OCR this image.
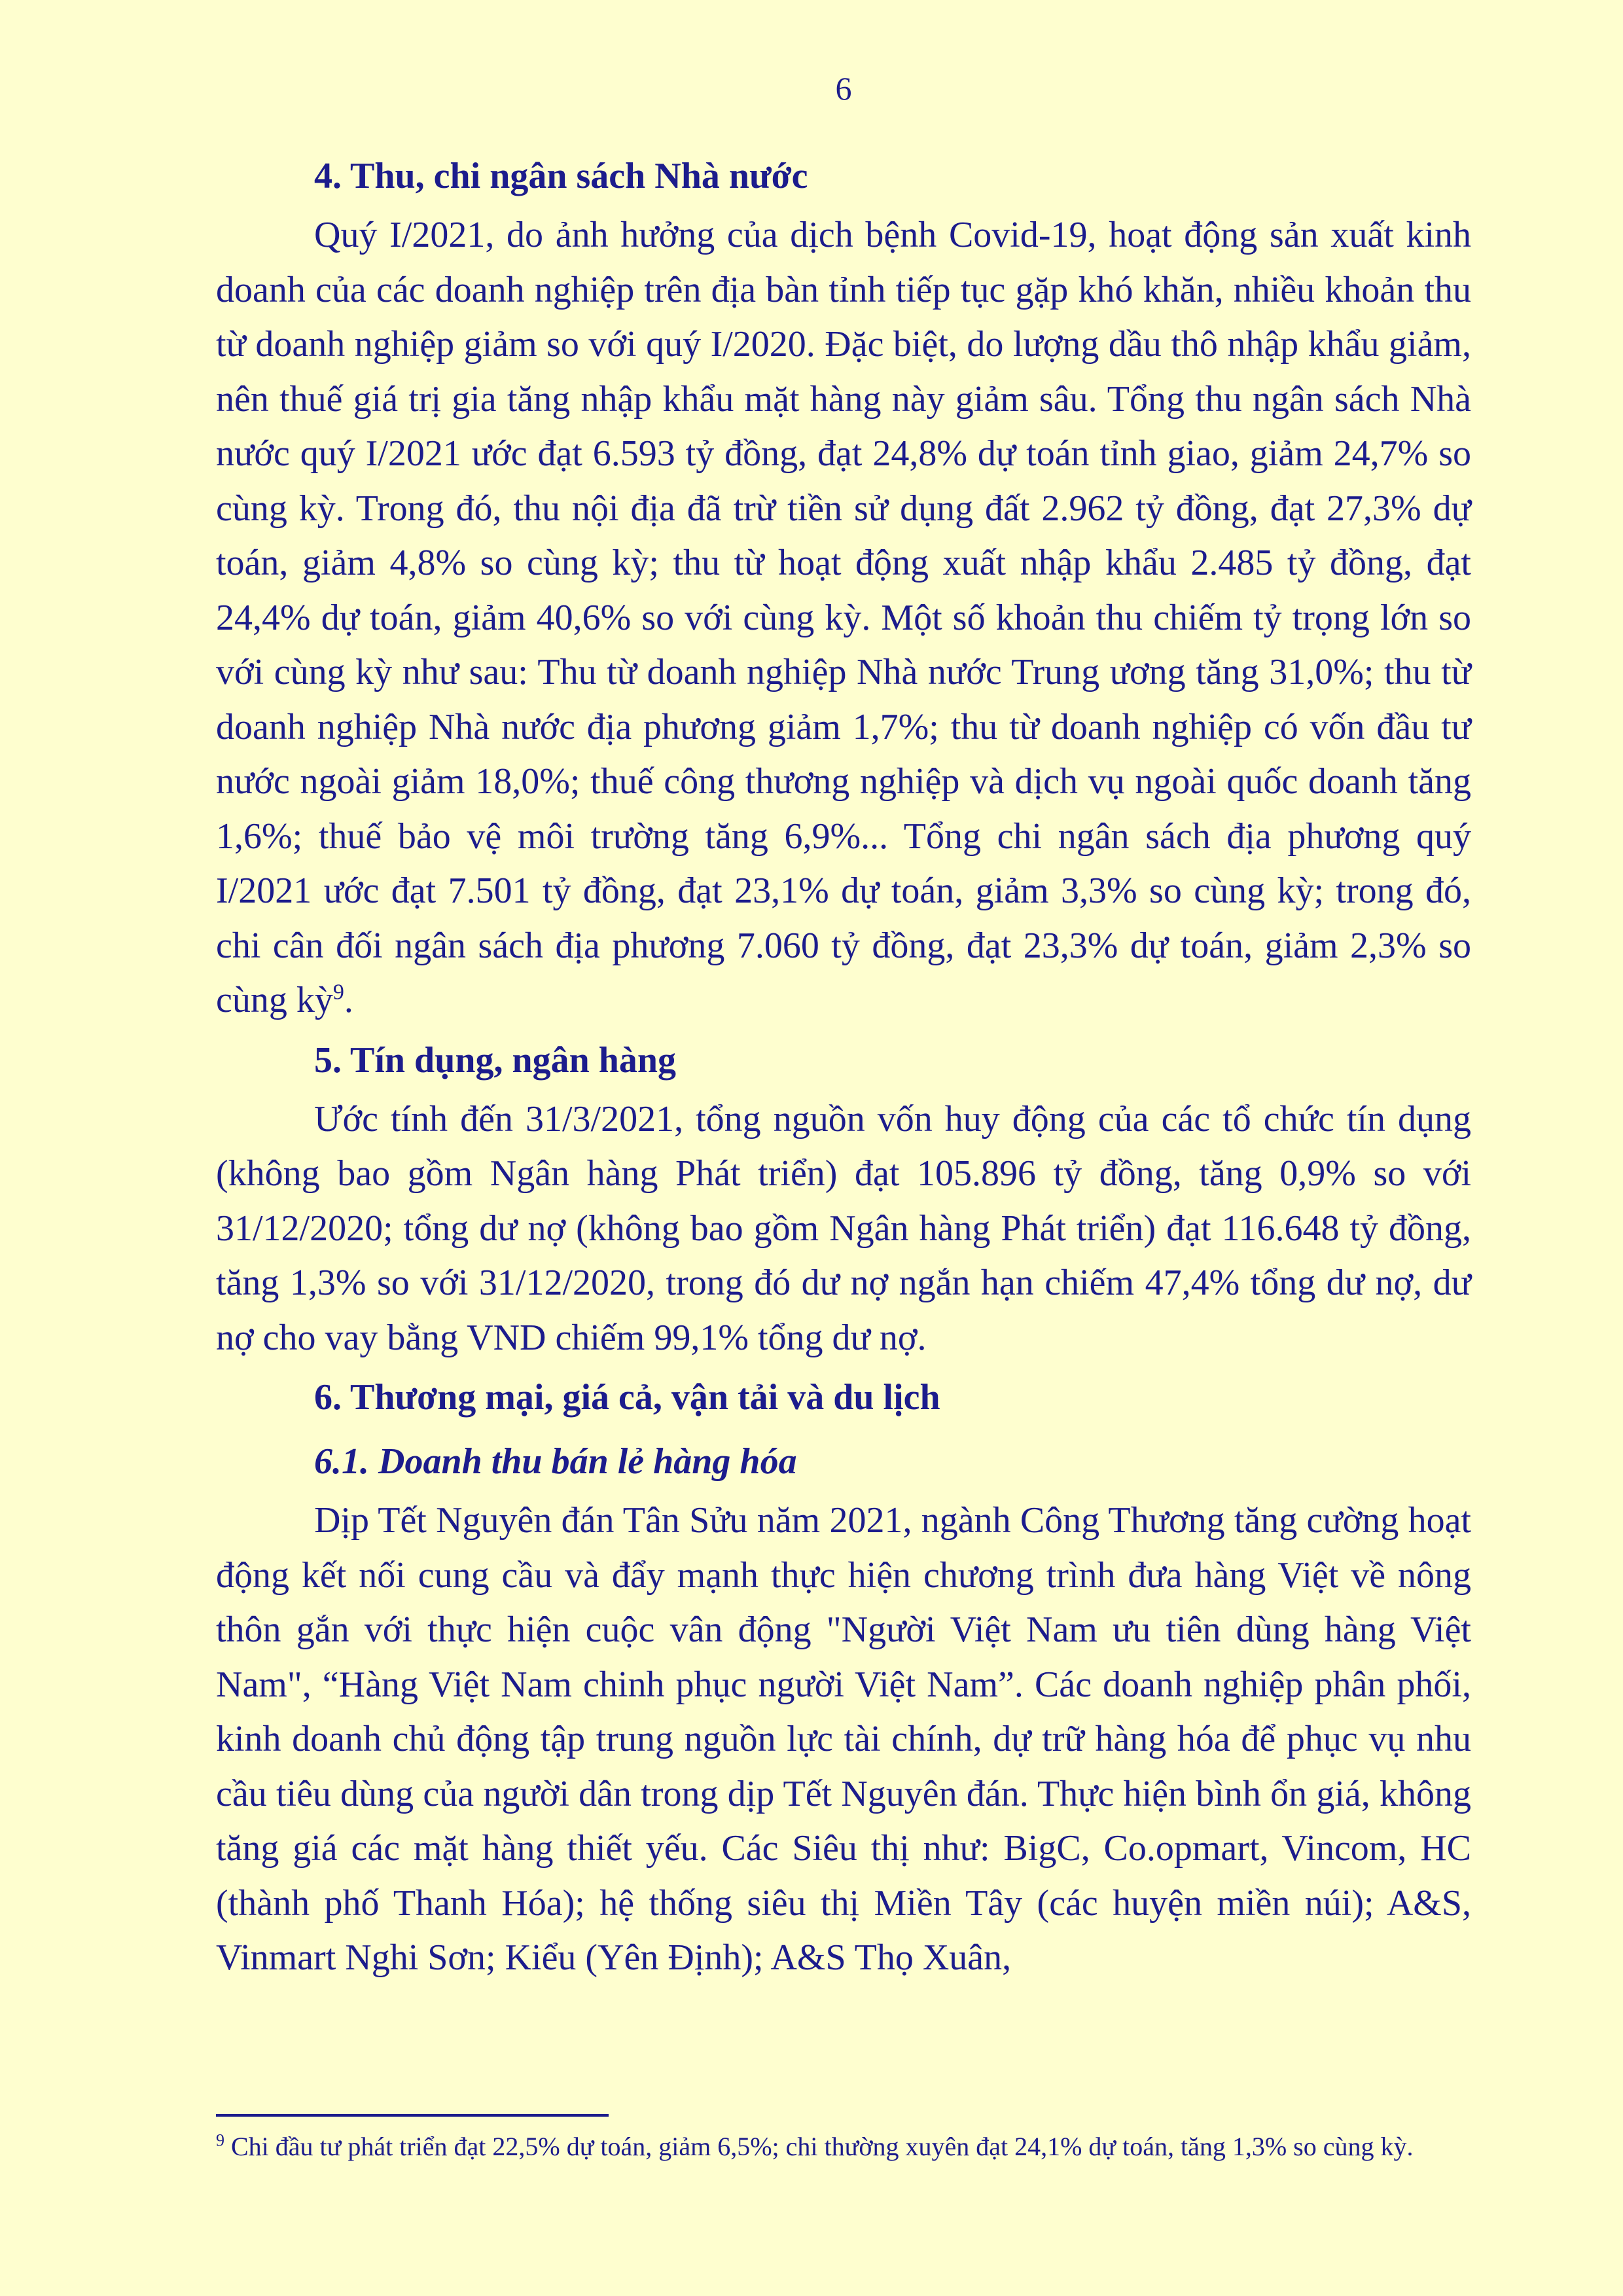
6

4. Thu, chi ngân sách Nhà nước

Quý I/2021, do ảnh hưởng của dịch bệnh Covid-19, hoạt động sản xuất kinh doanh của các doanh nghiệp trên địa bàn tỉnh tiếp tục gặp khó khăn, nhiều khoản thu từ doanh nghiệp giảm so với quý I/2020. Đặc biệt, do lượng dầu thô nhập khẩu giảm, nên thuế giá trị gia tăng nhập khẩu mặt hàng này giảm sâu. Tổng thu ngân sách Nhà nước quý I/2021 ước đạt 6.593 tỷ đồng, đạt 24,8% dự toán tỉnh giao, giảm 24,7% so cùng kỳ. Trong đó, thu nội địa đã trừ tiền sử dụng đất 2.962 tỷ đồng, đạt 27,3% dự toán, giảm 4,8% so cùng kỳ; thu từ hoạt động xuất nhập khẩu 2.485 tỷ đồng, đạt 24,4% dự toán, giảm 40,6% so với cùng kỳ. Một số khoản thu chiếm tỷ trọng lớn so với cùng kỳ như sau: Thu từ doanh nghiệp Nhà nước Trung ương tăng 31,0%; thu từ doanh nghiệp Nhà nước địa phương giảm 1,7%; thu từ doanh nghiệp có vốn đầu tư nước ngoài giảm 18,0%; thuế công thương nghiệp và dịch vụ ngoài quốc doanh tăng 1,6%; thuế bảo vệ môi trường tăng 6,9%... Tổng chi ngân sách địa phương quý I/2021 ước đạt 7.501 tỷ đồng, đạt 23,1% dự toán, giảm 3,3% so cùng kỳ; trong đó, chi cân đối ngân sách địa phương 7.060 tỷ đồng, đạt 23,3% dự toán, giảm 2,3% so cùng kỳ$^9$.

5. Tín dụng, ngân hàng

Ước tính đến 31/3/2021, tổng nguồn vốn huy động của các tổ chức tín dụng (không bao gồm Ngân hàng Phát triển) đạt 105.896 tỷ đồng, tăng 0,9% so với 31/12/2020; tổng dư nợ (không bao gồm Ngân hàng Phát triển) đạt 116.648 tỷ đồng, tăng 1,3% so với 31/12/2020, trong đó dư nợ ngắn hạn chiếm 47,4% tổng dư nợ, dư nợ cho vay bằng VND chiếm 99,1% tổng dư nợ.

6. Thương mại, giá cả, vận tải và du lịch

6.1. Doanh thu bán lẻ hàng hóa

Dịp Tết Nguyên đán Tân Sửu năm 2021, ngành Công Thương tăng cường hoạt động kết nối cung cầu và đẩy mạnh thực hiện chương trình đưa hàng Việt về nông thôn gắn với thực hiện cuộc vân động "Người Việt Nam ưu tiên dùng hàng Việt Nam", “Hàng Việt Nam chinh phục người Việt Nam”. Các doanh nghiệp phân phối, kinh doanh chủ động tập trung nguồn lực tài chính, dự trữ hàng hóa để phục vụ nhu cầu tiêu dùng của người dân trong dịp Tết Nguyên đán. Thực hiện bình ổn giá, không tăng giá các mặt hàng thiết yếu. Các Siêu thị như: BigC, Co.opmart, Vincom, HC (thành phố Thanh Hóa); hệ thống siêu thị Miền Tây (các huyện miền núi); A&S, Vinmart Nghi Sơn; Kiểu (Yên Định); A&S Thọ Xuân,

$^9$ Chi đầu tư phát triển đạt 22,5% dự toán, giảm 6,5%; chi thường xuyên đạt 24,1% dự toán, tăng 1,3% so cùng kỳ.
